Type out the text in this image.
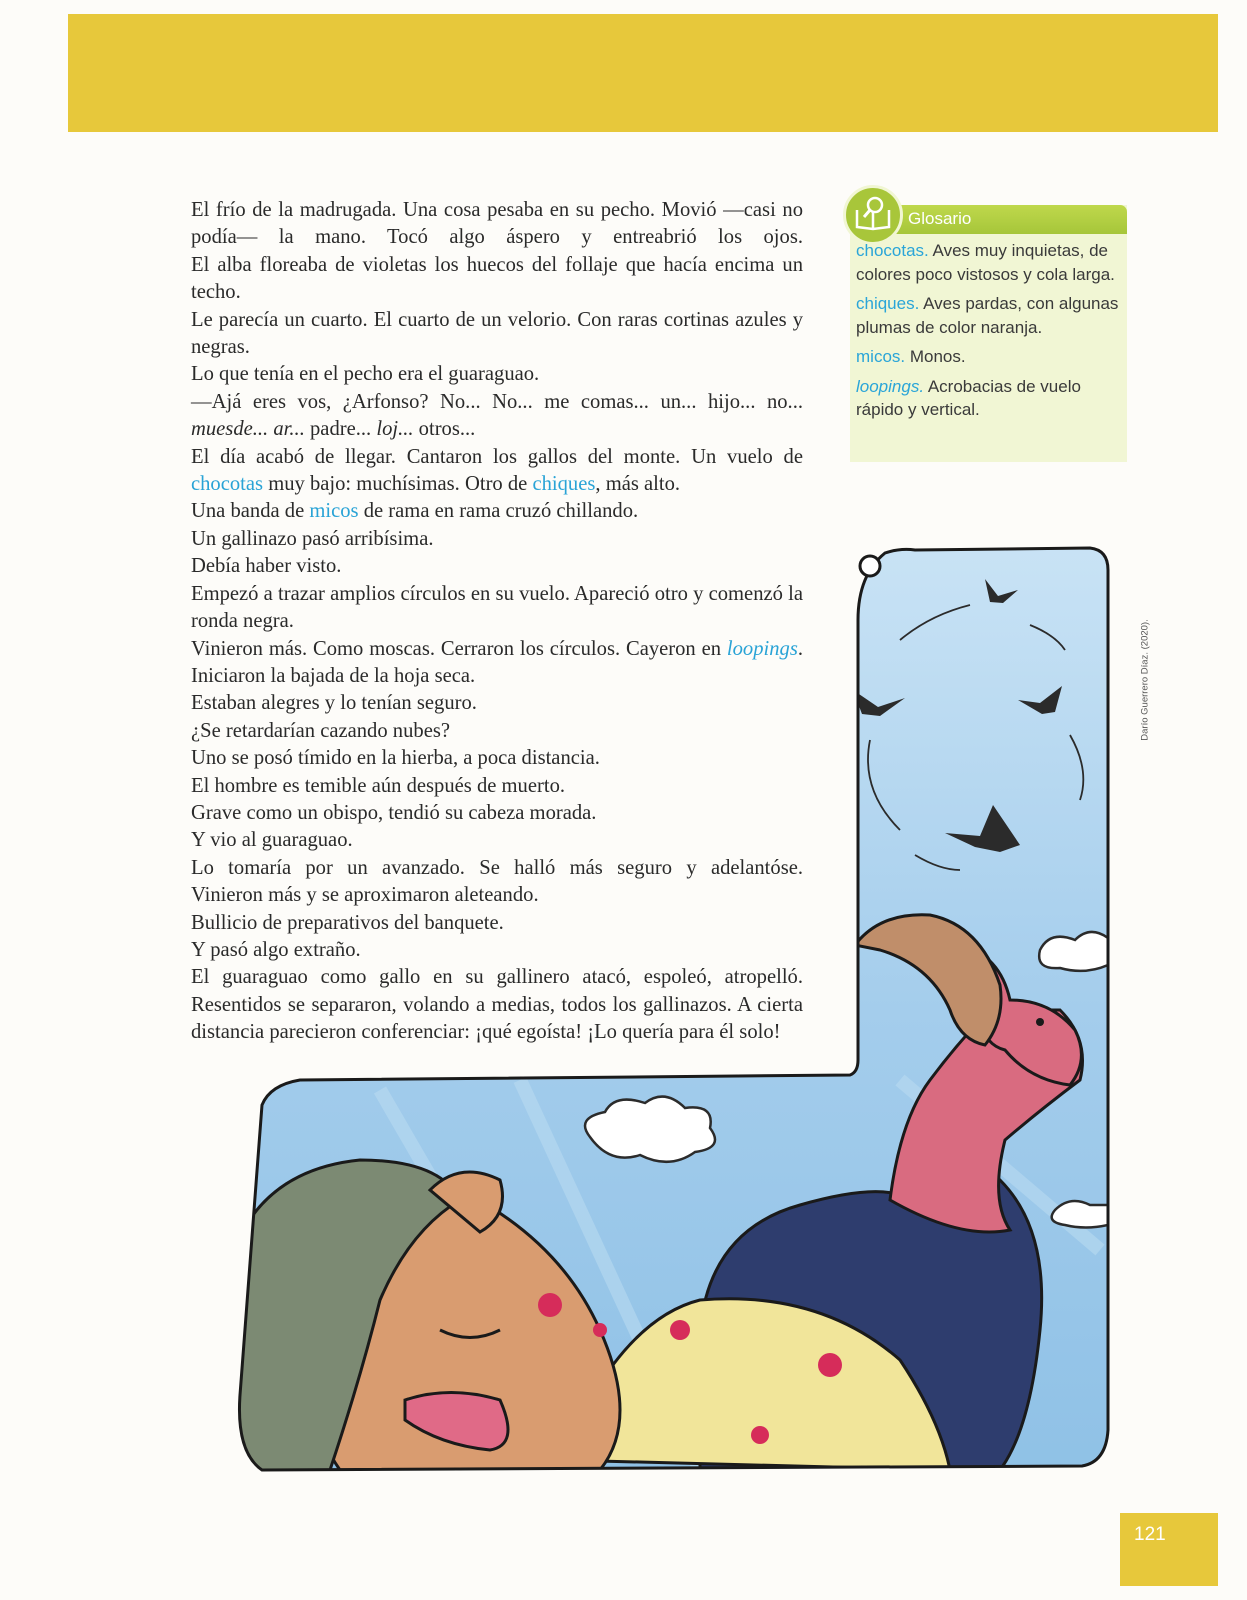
El frío de la madrugada. Una cosa pesaba en su pecho. Movió —casi no podía— la mano. Tocó algo áspero y entreabrió los ojos.

El alba floreaba de violetas los huecos del follaje que hacía encima un techo.

Le parecía un cuarto. El cuarto de un velorio. Con raras cortinas azules y negras.

Lo que tenía en el pecho era el guaraguao.

—Ajá eres vos, ¿Arfonso? No... No... me comas... un... hijo... no... muesde... ar... padre... loj... otros...

El día acabó de llegar. Cantaron los gallos del monte. Un vuelo de chocotas muy bajo: muchísimas. Otro de chiques, más alto.

Una banda de micos de rama en rama cruzó chillando.

Un gallinazo pasó arribísima.

Debía haber visto.

Empezó a trazar amplios círculos en su vuelo. Apareció otro y comenzó la ronda negra.

Vinieron más. Como moscas. Cerraron los círculos. Cayeron en loopings. Iniciaron la bajada de la hoja seca.

Estaban alegres y lo tenían seguro.

¿Se retardarían cazando nubes?

Uno se posó tímido en la hierba, a poca distancia.

El hombre es temible aún después de muerto.

Grave como un obispo, tendió su cabeza morada.

Y vio al guaraguao.

Lo tomaría por un avanzado. Se halló más seguro y adelantóse.

Vinieron más y se aproximaron aleteando.

Bullicio de preparativos del banquete.

Y pasó algo extraño.

El guaraguao como gallo en su gallinero atacó, espoleó, atropelló. Resentidos se separaron, volando a medias, todos los gallinazos. A cierta distancia parecieron conferenciar: ¡qué egoísta! ¡Lo quería para él solo!

Glosario

chocotas. Aves muy inquietas, de colores poco vistosos y cola larga.

chiques. Aves pardas, con algunas plumas de color naranja.

micos. Monos.

loopings. Acrobacias de vuelo rápido y vertical.

Darío Guerrero Díaz. (2020).
121
